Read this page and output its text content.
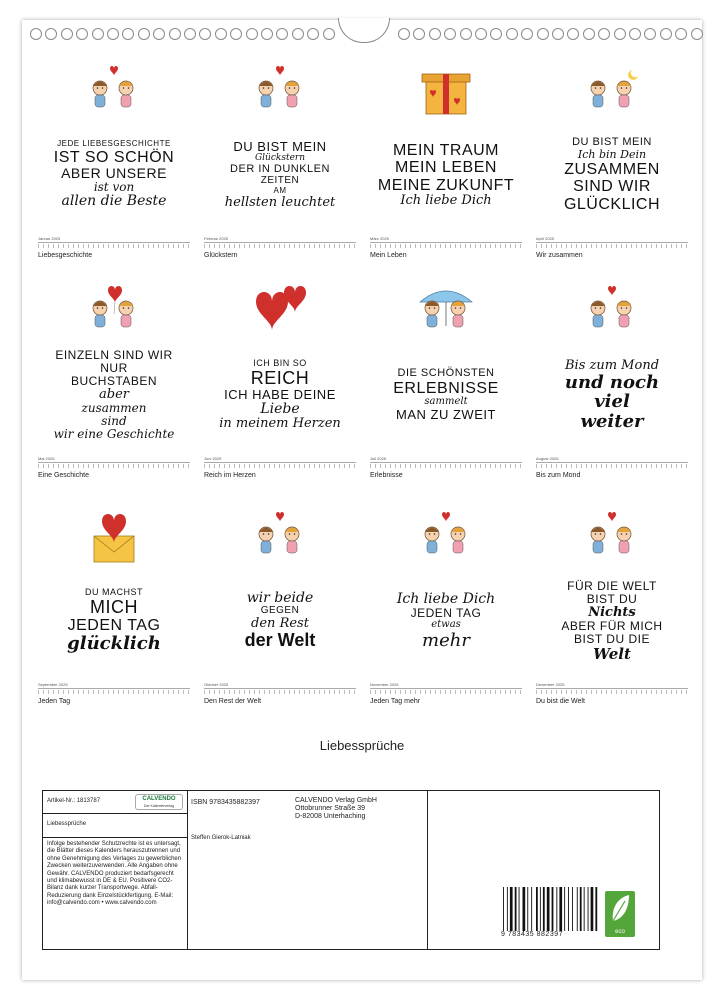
JEDE LIEBESGESCHICHTE
IST SO SCHÖN
ABER UNSERE
ist von
allen die Beste
Januar 2025
Liebesgeschichte
DU BIST MEIN
Glückstern
DER IN DUNKLEN
ZEITEN
AM
hellsten leuchtet
Februar 2025
Glückstern
MEIN TRAUM
MEIN LEBEN
MEINE ZUKUNFT
Ich liebe Dich
März 2025
Mein Leben
DU BIST MEIN
Ich bin Dein
ZUSAMMEN
SIND WIR
GLÜCKLICH
April 2025
Wir zusammen
EINZELN SIND WIR
NUR
BUCHSTABEN
aber
zusammen
sind
wir eine Geschichte
Mai 2025
Eine Geschichte
ICH BIN SO
REICH
ICH HABE DEINE
Liebe
in meinem Herzen
Juni 2025
Reich im Herzen
DIE SCHÖNSTEN
ERLEBNISSE
sammelt
MAN ZU ZWEIT
Juli 2025
Erlebnisse
Bis zum Mond
und noch
viel
weiter
August 2025
Bis zum Mond
DU MACHST
MICH
JEDEN TAG
glücklich
September 2025
Jeden Tag
wir beide
GEGEN
den Rest
der Welt
Oktober 2025
Den Rest der Welt
Ich liebe Dich
JEDEN TAG
etwas
mehr
November 2025
Jeden Tag mehr
FÜR DIE WELT
BIST DU
Nichts
ABER FÜR MICH
BIST DU DIE
Welt
Dezember 2025
Du bist die Welt
Liebessprüche
Artikel-Nr.: 1813787	CALVENDO
Der Kalenderverlag
Liebessprüche
Infolge bestehender Schutzrechte ist es untersagt, die Blätter dieses Kalenders herauszutrennen und ohne Genehmigung des Verlages zu gewerblichen Zwecken weiterzuverwenden. Alle Angaben ohne Gewähr. CALVENDO produziert bedarfsgerecht und klimabewusst in DE & EU. Positivere CO2-Bilanz dank kurzer Transportwege. Abfall-Reduzierung dank Einzelstückfertigung. E-Mail: info@calvendo.com • www.calvendo.com
ISBN 9783435882397	CALVENDO Verlag GmbH
Ottobrunner Straße 39
D-82008 Unterhaching
Steffen Gierok-Latniak
9 783435 882397	eco
